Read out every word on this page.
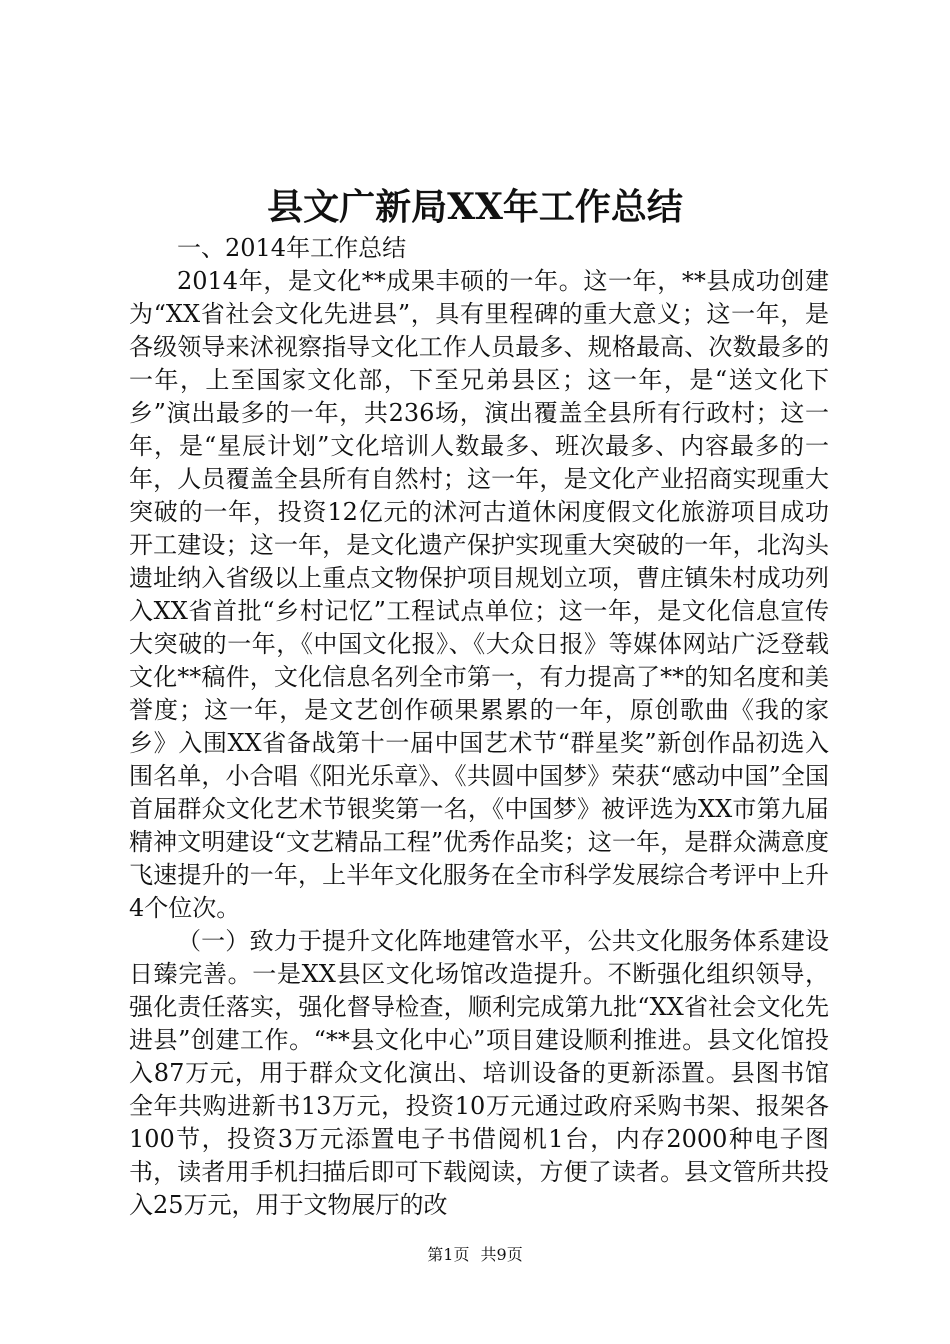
县文广新局XX年工作总结

一、2014年工作总结

2014年，是文化**成果丰硕的一年。这一年，**县成功创建为“XX省社会文化先进县”，具有里程碑的重大意义；这一年，是各级领导来沭视察指导文化工作人员最多、规格最高、次数最多的一年，上至国家文化部，下至兄弟县区；这一年，是“送文化下乡”演出最多的一年，共236场，演出覆盖全县所有行政村；这一年，是“星辰计划”文化培训人数最多、班次最多、内容最多的一年，人员覆盖全县所有自然村；这一年，是文化产业招商实现重大突破的一年，投资12亿元的沭河古道休闲度假文化旅游项目成功开工建设；这一年，是文化遗产保护实现重大突破的一年，北沟头遗址纳入省级以上重点文物保护项目规划立项，曹庄镇朱村成功列入XX省首批“乡村记忆”工程试点单位；这一年，是文化信息宣传大突破的一年，《中国文化报》、《大众日报》等媒体网站广泛登载文化**稿件，文化信息名列全市第一，有力提高了**的知名度和美誉度；这一年，是文艺创作硕果累累的一年，原创歌曲《我的家乡》入围XX省备战第十一届中国艺术节“群星奖”新创作品初选入围名单，小合唱《阳光乐章》、《共圆中国梦》荣获“感动中国”全国首届群众文化艺术节银奖第一名，《中国梦》被评选为XX市第九届精神文明建设“文艺精品工程”优秀作品奖；这一年，是群众满意度飞速提升的一年，上半年文化服务在全市科学发展综合考评中上升4个位次。

（一）致力于提升文化阵地建管水平，公共文化服务体系建设日臻完善。一是XX县区文化场馆改造提升。不断强化组织领导，强化责任落实，强化督导检查，顺利完成第九批“XX省社会文化先进县”创建工作。“**县文化中心”项目建设顺利推进。县文化馆投入87万元，用于群众文化演出、培训设备的更新添置。县图书馆全年共购进新书13万元，投资10万元通过政府采购书架、报架各100节，投资3万元添置电子书借阅机1台，内存2000种电子图书，读者用手机扫描后即可下载阅读，方便了读者。县文管所共投入25万元，用于文物展厅的改

第1页 共9页
